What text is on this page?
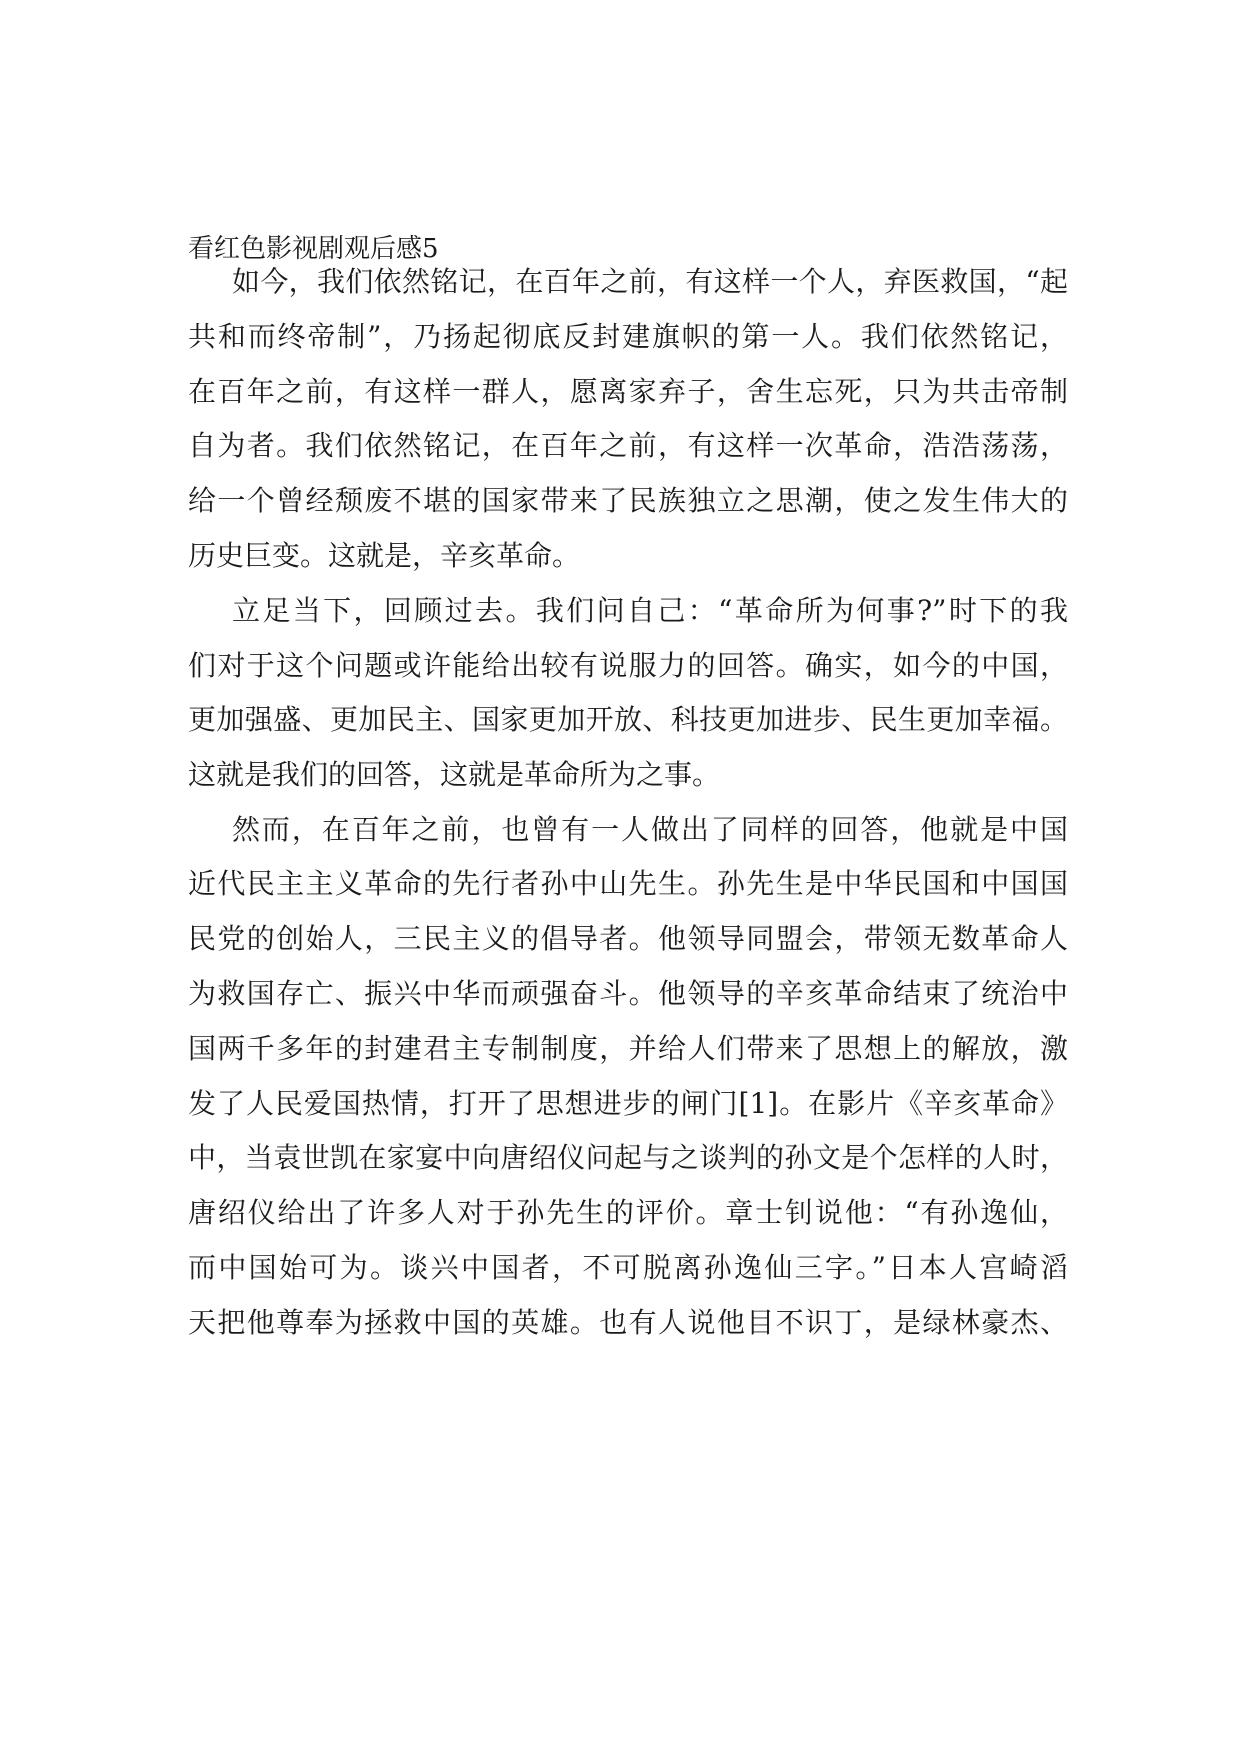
看红色影视剧观后感5
如今，我们依然铭记，在百年之前，有这样一个人，弃医救国，“起
共和而终帝制”，乃扬起彻底反封建旗帜的第一人。我们依然铭记，
在百年之前，有这样一群人，愿离家弃子，舍生忘死，只为共击帝制
自为者。我们依然铭记，在百年之前，有这样一次革命，浩浩荡荡，
给一个曾经颓废不堪的国家带来了民族独立之思潮，使之发生伟大的
历史巨变。这就是，辛亥革命。
立足当下，回顾过去。我们问自己：“革命所为何事?”时下的我
们对于这个问题或许能给出较有说服力的回答。确实，如今的中国，
更加强盛、更加民主、国家更加开放、科技更加进步、民生更加幸福。
这就是我们的回答，这就是革命所为之事。
然而，在百年之前，也曾有一人做出了同样的回答，他就是中国
近代民主主义革命的先行者孙中山先生。孙先生是中华民国和中国国
民党的创始人，三民主义的倡导者。他领导同盟会，带领无数革命人
为救国存亡、振兴中华而顽强奋斗。他领导的辛亥革命结束了统治中
国两千多年的封建君主专制制度，并给人们带来了思想上的解放，激
发了人民爱国热情，打开了思想进步的闸门[1]。在影片《辛亥革命》
中，当袁世凯在家宴中向唐绍仪问起与之谈判的孙文是个怎样的人时，
唐绍仪给出了许多人对于孙先生的评价。章士钊说他：“有孙逸仙，
而中国始可为。谈兴中国者，不可脱离孙逸仙三字。”日本人宫崎滔
天把他尊奉为拯救中国的英雄。也有人说他目不识丁，是绿林豪杰、
